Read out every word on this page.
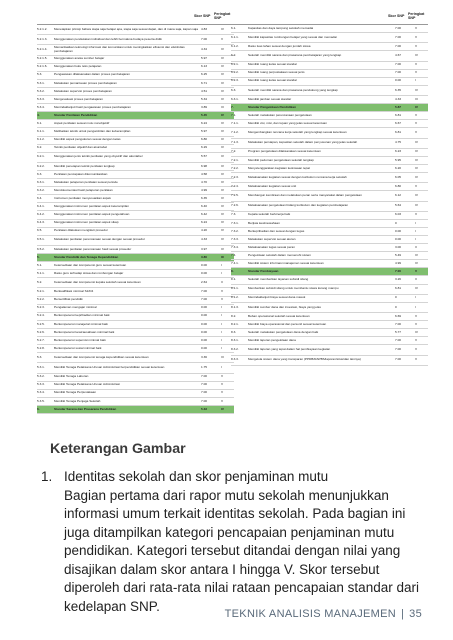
Skor SNP	Peringkat SNP
5.2.1.2.	Menetapkan prinsip bahwa siapa saja belajar apa, siapa saja sesuai dapat, dan di mana saja, kapan saja 4.83	IV
5.2.1.3.	Menggunakan pendekatan individual dan lebih bermakna budaya peserta didik	7.00	V
5.2.1.4.	Memanfaatkan teknologi informasi dan komunikasi untuk meningkatkan efisiensi dan efektivitas pembelajaran	4.34	IV
5.2.1.5.	Menggunakan aneka sumber belajar	5.97	IV
5.2.1.6.	Menggunakan buku teks pelajaran	6.13	IV
5.3.	Pengawasan dilaksanakan dalam proses pembelajaran	6.25	IV
5.3.1.	Melakukan pemantauan proses pembelajaran	6.71	IV
5.3.2.	Melakukan supervisi proses pembelajaran	4.51	IV
5.3.3.	Mengevaluasi proses pembelajaran	5.34	IV
5.3.4.	Menindaklanjuti hasil pengawasan proses pembelajaran	3.89	III
4.	Standar Penilaian Pendidikan	5.45	IV
6.1.	Aspek penilaian sesuai mutu nonobjektif	6.24	IV
6.1.1.	Melibatkan teknik untuk pengambilan dan keberampilan	5.97	IV
6.1.2.	Memiliki aspek pengukuran sesuai dengan kelas	6.80	IV
6.2.	Teknik penilaian objektif dan akuntabel	6.29	IV
6.2.1.	Menggunakan jenis teknik penilaian yang obyektif dan akuntabel	5.57	IV
6.2.2.	Memiliki penetapan teknik penilaian lengkap	6.98	IV
6.3.	Penilaian pencapaian dikomunikasikan	4.58	IV
6.3.1.	Melakukan pelaporan penilaian sesuai periode	4.70	IV
6.3.2.	Mendokumentasi hasil pelaporan penilaian	4.99	IV
6.4.	Instrumen penilaian menyesuaikan aspek	6.35	IV
6.4.1.	Menggunakan instrumen penilaian aspek keterampilan	6.40	IV
6.4.2.	Menggunakan instrumen penilaian aspek pengetahuan	6.42	IV
6.4.3.	Menggunakan instrumen penilaian aspek sikap	6.24	IV
6.5.	Penilaian dilakukan mengikuti prosedur	4.20	IV
6.5.1.	Melakukan penilaian perencanaan sesuai dengan sesuai prosedur	4.33	IV
6.5.2.	Melakukan penilaian perencanaan hasil sesuai prosedur	3.97	IV
5.	Standar Pendidik dan Tenaga Kependidikan	3.80	III
5.1.	Ketersediaan dan kompetensi guru sesuai ketentuan	0.00	I
5.1.1.	Rasio guru terhadap siswa dan rombongan belajar	0.00	I
5.2.	Ketersediaan dan kompetensi kepala sekolah sesuai ketentuan	2.64	II
5.2.1.	Berkualifikasi minimal S1/D4	7.00	V
5.2.2.	Bersertifikat pendidik	7.00	V
5.2.3.	Pengalaman mengajar minimal	0.00	I
5.2.4.	Berkompetensi kepribadian minimal baik	0.00	I
5.2.5.	Berkompetensi manajerial minimal baik	0.00	I
5.2.6.	Berkompetensi kewirausahaan minimal baik	0.00	I
5.2.7.	Berkompetensi supervisi minimal baik	0.00	I
5.2.8.	Berkompetensi sosial minimal baik	0.00	I
5.3.	Ketersediaan dan kompetensi tenaga kependidikan sesuai ketentuan	3.36	III
5.3.1.	Memiliki Tenaga Pelaksana Urusan Administrasi berpendidikan sesuai ketentuan	1.75	I
5.3.2.	Memiliki Tenaga Laboran	7.00	V
5.3.3.	Memiliki Tenaga Pelaksana Urusan Administrasi	7.00	V
5.3.4.	Memiliki Tenaga Perpustakaan	7.00	V
5.3.5.	Memiliki Tenaga Penjaga Sekolah	7.00	V
6.	Standar Sarana dan Prasarana Pendidikan	5.33	IV
Skor SNP	Peringkat SNP
6.1.	Kapasitas dan daya tampung sekolah memadai	7.00	V
6.1.1.	Memiliki kapasitas rombongan belajar yang sesuai dan memadai	7.00	V
6.1.2.	Rasio luas lahan sesuai dengan jumlah siswa	7.00	V
6.2.	Sekolah memiliki sarana dan prasarana pembelajaran yang lengkap	4.67	IV
6.2.1.	Memiliki ruang kelas sesuai standar	7.00	V
6.2.2.	Memiliki ruang perpustakaan sesuai jenis	7.00	V
6.2.3.	Memiliki ruang kelas sesuai standar	0.00	I
6.3.	Sekolah memiliki sarana dan prasarana pendukung yang lengkap	6.35	IV
6.3.1.	Memiliki jamban sesuai standar	4.33	III
7.	Standar Pengelolaan Pendidikan	5.87	IV
7.1.	Sekolah melakukan perencanaan pengelolaan	6.81	V
7.1.1.	Memiliki visi, misi, dan tujuan yang jelas sesuai ketentuan	6.67	V
7.1.2.	Mengembangkan rencana kerja sekolah yang lengkap sesuai ketentuan	6.81	V
7.1.3.	Melakukan persiapan, kepastian sekolah dalam penyusunan yang jelas sekolah	4.75	IV
7.2.	Program pengelolaan dilaksanakan sesuai ketentuan	6.23	IV
7.2.1.	Memiliki pedoman pengelolaan sekolah lengkap	5.95	IV
7.2.2.	Menyelenggarakan kegiatan kesiswaan tepat	6.20	IV
7.2.3.	Melaksanakan kegiatan sesuai dengan kurikulum rencana kerja sekolah	6.05	IV
7.2.4.	Melaksanakan kegiatan sesuai unit	6.80	V
7.2.5.	Membangun kemitraan dan melakukan peran serta masyarakat dalam pengelolaan	6.12	IV
7.2.6.	Melaksanakan pengelolaan bidang kurikulum dan kegiatan pembelajaran	5.64	IV
7.3.	Kepala sekolah berkinerja baik	6.03	V
7.3.1.	Berjiwa kewirausahaan	0	I
7.3.2.	Berkepribadian dan sesuai dengan tugas	0.00	I
7.3.3.	Melakukan supervisi sesuai aturan	0.00	I
7.3.4.	Melaksanakan tugas sesuai peran	3.00	II
7.4.	Pengelolaan sekolah dalam memenuhi sistem	5.49	IV
7.4.1.	Memiliki sistem informasi manajemen sesuai ketentuan	4.99	IV
8.	Standar Pembiayaan	7.00	V
8.1.	Sekolah memberikan layanan subsidi silang	3.26	II
8.1.1.	Memberikan subsidi silang untuk membantu siswa kurang mampu	6.81	IV
8.1.2.	Menindaklanjuti biaya sesuai dana masuk	0	I
8.1.3.	Memiliki sumber dana dan investasi, biaya yang jelas	0	I
8.2.	Beban operasional sekolah sesuai ketentuan	6.69	V
8.2.1.	Memiliki biaya operasional dan personil sesuai ketentuan	7.00	V
8.3.	Sekolah melakukan pengelolaan dana dengan baik	5.77	IV
8.3.1.	Memiliki laporan pengelolaan dana	7.00	V
8.3.2.	Memiliki laporan yang tepat dalam hal pembiayaan kegiatan	7.00	V
8.3.3.	Mengelola sistem dana yang transparan (PPDB/RAPBS/laporan/situs/dan lainnya)	7.00	V
Keterangan Gambar
1. Identitas sekolah dan skor penjaminan mutu
Bagian pertama dari rapor mutu sekolah menunjukkan informasi umum terkait identitas sekolah. Pada bagian ini juga ditampilkan kategori pencapaian penjaminan mutu pendidikan. Kategori tersebut ditandai dengan nilai yang disajikan dalam skor antara I hingga V. Skor tersebut diperoleh dari rata-rata nilai rataan pencapaian standar dari kedelapan SNP.
TEKNIK ANALISIS MANAJEMEN | 35
